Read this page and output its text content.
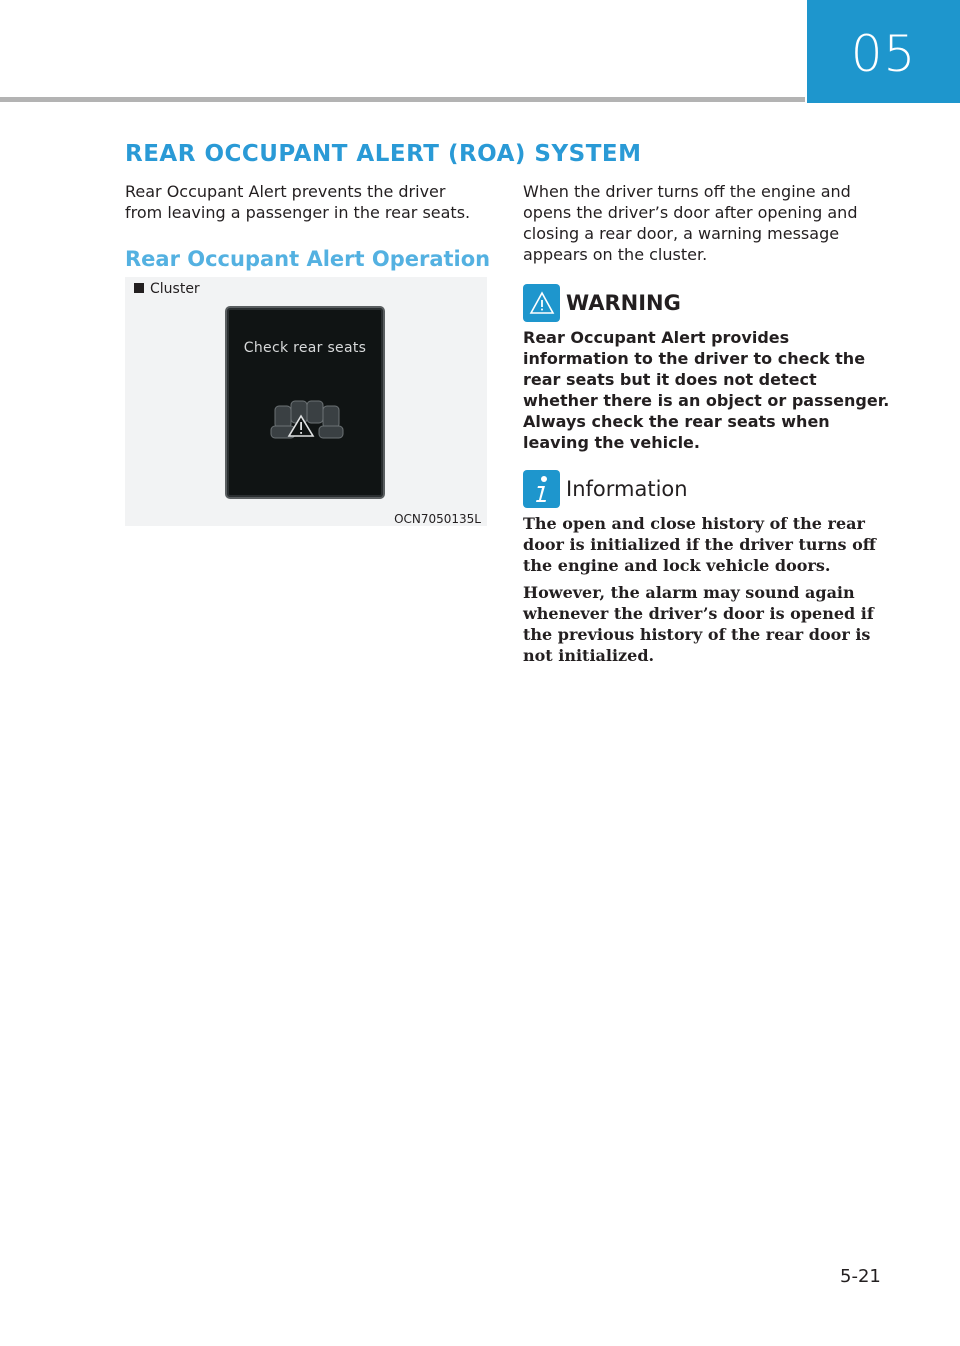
05
REAR OCCUPANT ALERT (ROA) SYSTEM

Rear Occupant Alert prevents the driver from leaving a passenger in the rear seats.

Rear Occupant Alert Operation
Cluster
Check rear seats
OCN7050135L

When the driver turns off the engine and opens the driver’s door after opening and closing a rear door, a warning message appears on the cluster.

WARNING

Rear Occupant Alert provides information to the driver to check the rear seats but it does not detect whether there is an object or passenger. Always check the rear seats when leaving the vehicle.

Information

The open and close history of the rear door is initialized if the driver turns off the engine and lock vehicle doors.

However, the alarm may sound again whenever the driver’s door is opened if the previous history of the rear door is not initialized.

5-21
